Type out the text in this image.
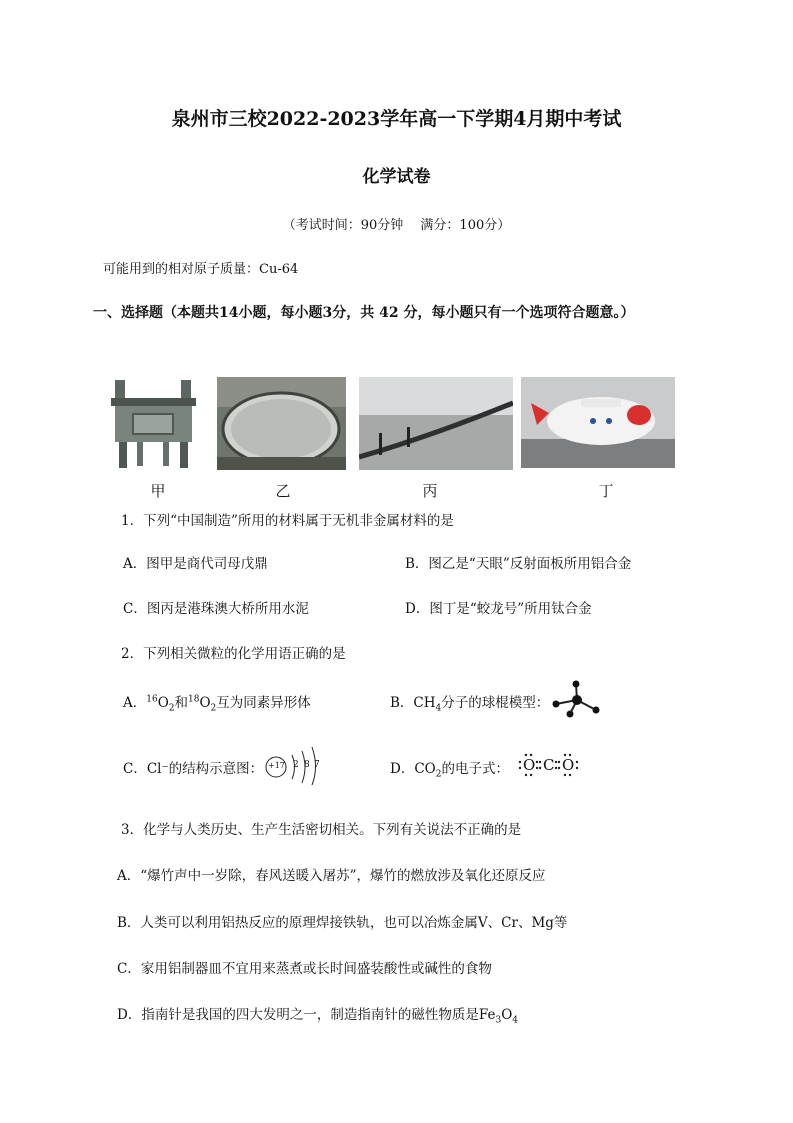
泉州市三校2022-2023学年高一下学期4月期中考试
化学试卷
（考试时间：90分钟　 满分：100分）
可能用到的相对原子质量：Cu-64
一、选择题（本题共14小题，每小题3分，共 42 分，每小题只有一个选项符合题意。）
甲	乙	丙	丁
1．下列“中国制造”所用的材料属于无机非金属材料的是
A．图甲是商代司母戊鼎	B．图乙是“天眼”反射面板所用铝合金
C．图丙是港珠澳大桥所用水泥	D．图丁是“蛟龙号”所用钛合金
2．下列相关微粒的化学用语正确的是
A．$^{16}O_2$和$^{18}O_2$互为同素异形体	B．$CH_4$分子的球棍模型：
C．Cl⁻的结构示意图： +17 2 8 7	D．$CO_2$的电子式： O C O
3．化学与人类历史、生产生活密切相关。下列有关说法不正确的是
A．“爆竹声中一岁除，春风送暖入屠苏”，爆竹的燃放涉及氧化还原反应
B．人类可以利用铝热反应的原理焊接铁轨，也可以冶炼金属V、Cr、Mg等
C．家用铝制器皿不宜用来蒸煮或长时间盛装酸性或碱性的食物
D．指南针是我国的四大发明之一，制造指南针的磁性物质是$Fe_3O_4$
